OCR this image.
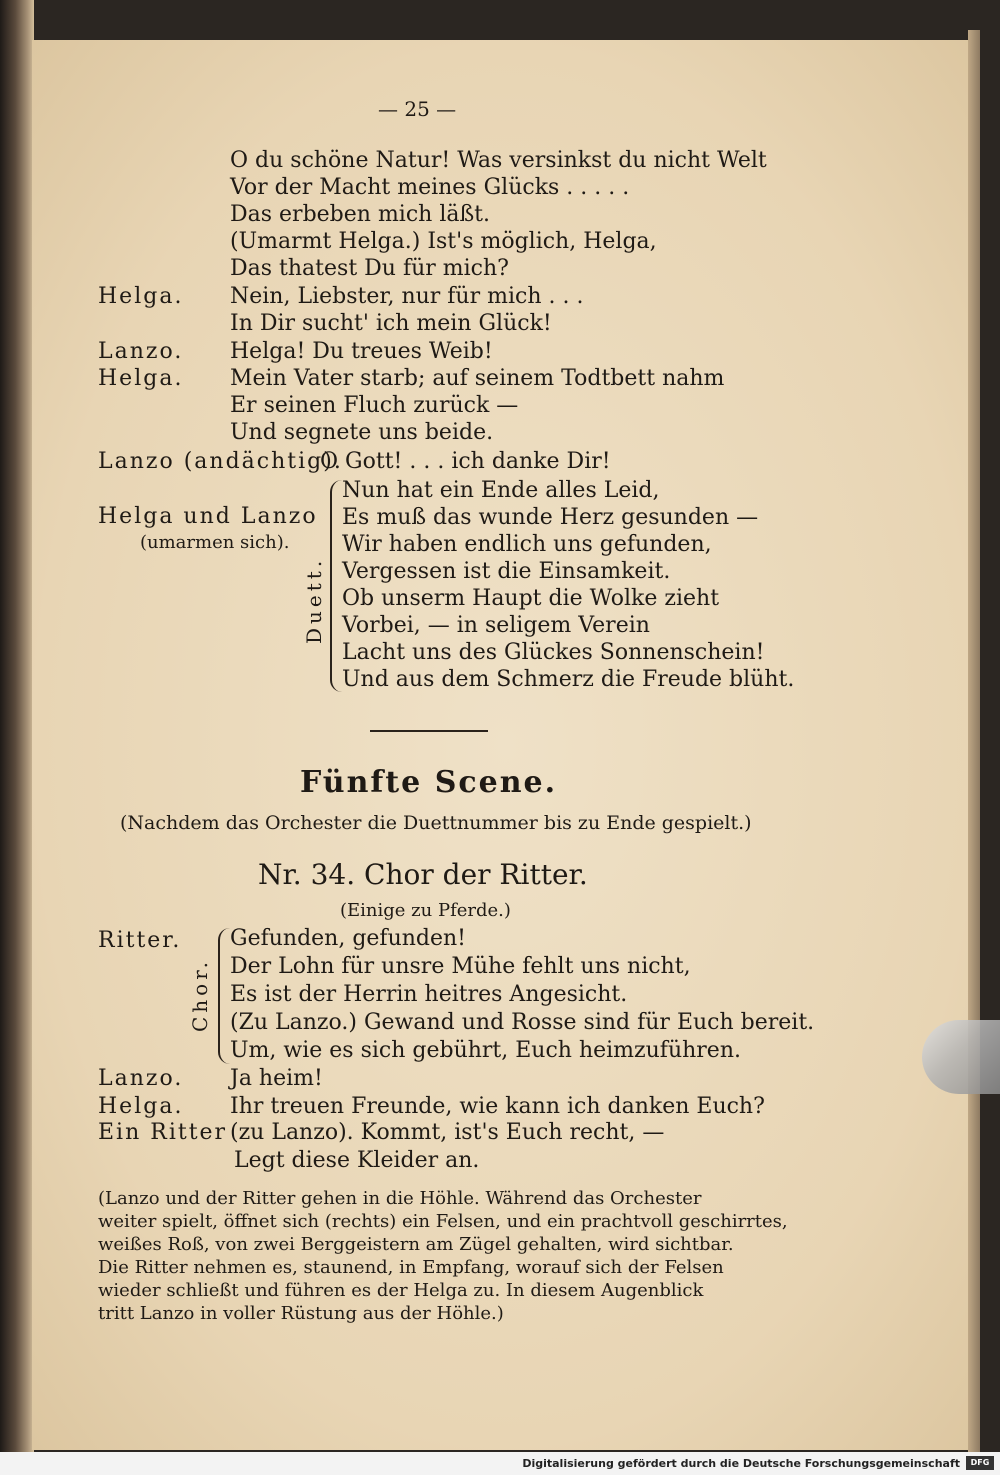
— 25 —
O du schöne Natur! Was versinkst du nicht Welt
Vor der Macht meines Glücks . . . . .
Das erbeben mich läßt.
(Umarmt Helga.) Ist's möglich, Helga,
Das thatest Du für mich?
Helga. Nein, Liebster, nur für mich . . .
In Dir sucht' ich mein Glück!
Lanzo. Helga! Du treues Weib!
Helga. Mein Vater starb; auf seinem Todtbett nahm
Er seinen Fluch zurück —
Und segnete uns beide.
Lanzo (andächtig).
O Gott! . . . ich danke Dir!
Helga und Lanzo
(umarmen sich).
Duett.
Nun hat ein Ende alles Leid,
Es muß das wunde Herz gesunden —
Wir haben endlich uns gefunden,
Vergessen ist die Einsamkeit.
Ob unserm Haupt die Wolke zieht
Vorbei, — in seligem Verein
Lacht uns des Glückes Sonnenschein!
Und aus dem Schmerz die Freude blüht.
Fünfte Scene.
(Nachdem das Orchester die Duettnummer bis zu Ende gespielt.)
Nr. 34. Chor der Ritter.
(Einige zu Pferde.)
Ritter.
Chor.
Gefunden, gefunden!
Der Lohn für unsre Mühe fehlt uns nicht,
Es ist der Herrin heitres Angesicht.
(Zu Lanzo.) Gewand und Rosse sind für Euch bereit.
Um, wie es sich gebührt, Euch heimzuführen.
Lanzo. Ja heim!
Helga. Ihr treuen Freunde, wie kann ich danken Euch?
Ein Ritter (zu Lanzo). Kommt, ist's Euch recht, —
Legt diese Kleider an.
(Lanzo und der Ritter gehen in die Höhle. Während das Orchester
weiter spielt, öffnet sich (rechts) ein Felsen, und ein prachtvoll geschirrtes,
weißes Roß, von zwei Berggeistern am Zügel gehalten, wird sichtbar.
Die Ritter nehmen es, staunend, in Empfang, worauf sich der Felsen
wieder schließt und führen es der Helga zu. In diesem Augenblick
tritt Lanzo in voller Rüstung aus der Höhle.)
Digitalisierung gefördert durch die Deutsche Forschungsgemeinschaft	DFG
